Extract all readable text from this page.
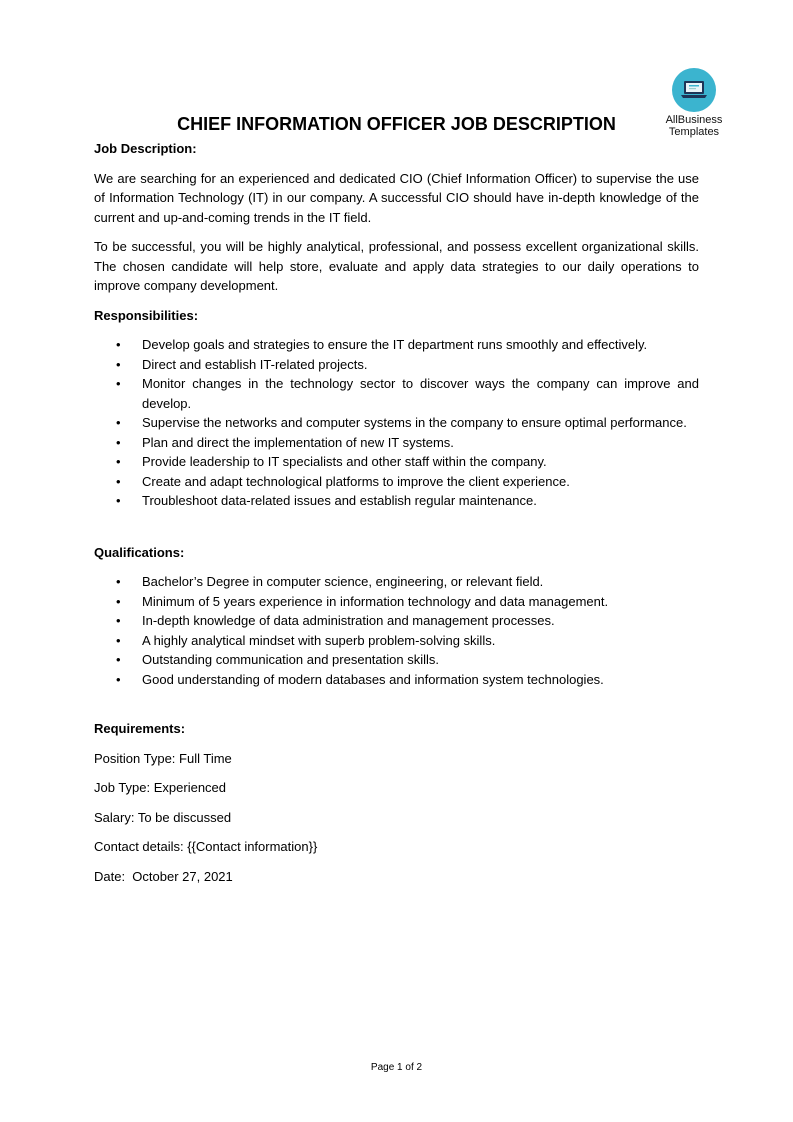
AllBusiness
Templates
CHIEF INFORMATION OFFICER JOB DESCRIPTION
Job Description:
We are searching for an experienced and dedicated CIO (Chief Information Officer) to supervise the use of Information Technology (IT) in our company. A successful CIO should have in-depth knowledge of the current and up-and-coming trends in the IT field.
To be successful, you will be highly analytical, professional, and possess excellent organizational skills. The chosen candidate will help store, evaluate and apply data strategies to our daily operations to improve company development.
Responsibilities:
• Develop goals and strategies to ensure the IT department runs smoothly and effectively.
• Direct and establish IT-related projects.
• Monitor changes in the technology sector to discover ways the company can improve and develop.
• Supervise the networks and computer systems in the company to ensure optimal performance.
• Plan and direct the implementation of new IT systems.
• Provide leadership to IT specialists and other staff within the company.
• Create and adapt technological platforms to improve the client experience.
• Troubleshoot data-related issues and establish regular maintenance.
Qualifications:
• Bachelor’s Degree in computer science, engineering, or relevant field.
• Minimum of 5 years experience in information technology and data management.
• In-depth knowledge of data administration and management processes.
• A highly analytical mindset with superb problem-solving skills.
• Outstanding communication and presentation skills.
• Good understanding of modern databases and information system technologies.
Requirements:
Position Type: Full Time
Job Type: Experienced
Salary: To be discussed
Contact details: {{Contact information}}
Date:  October 27, 2021
Page 1 of 2
